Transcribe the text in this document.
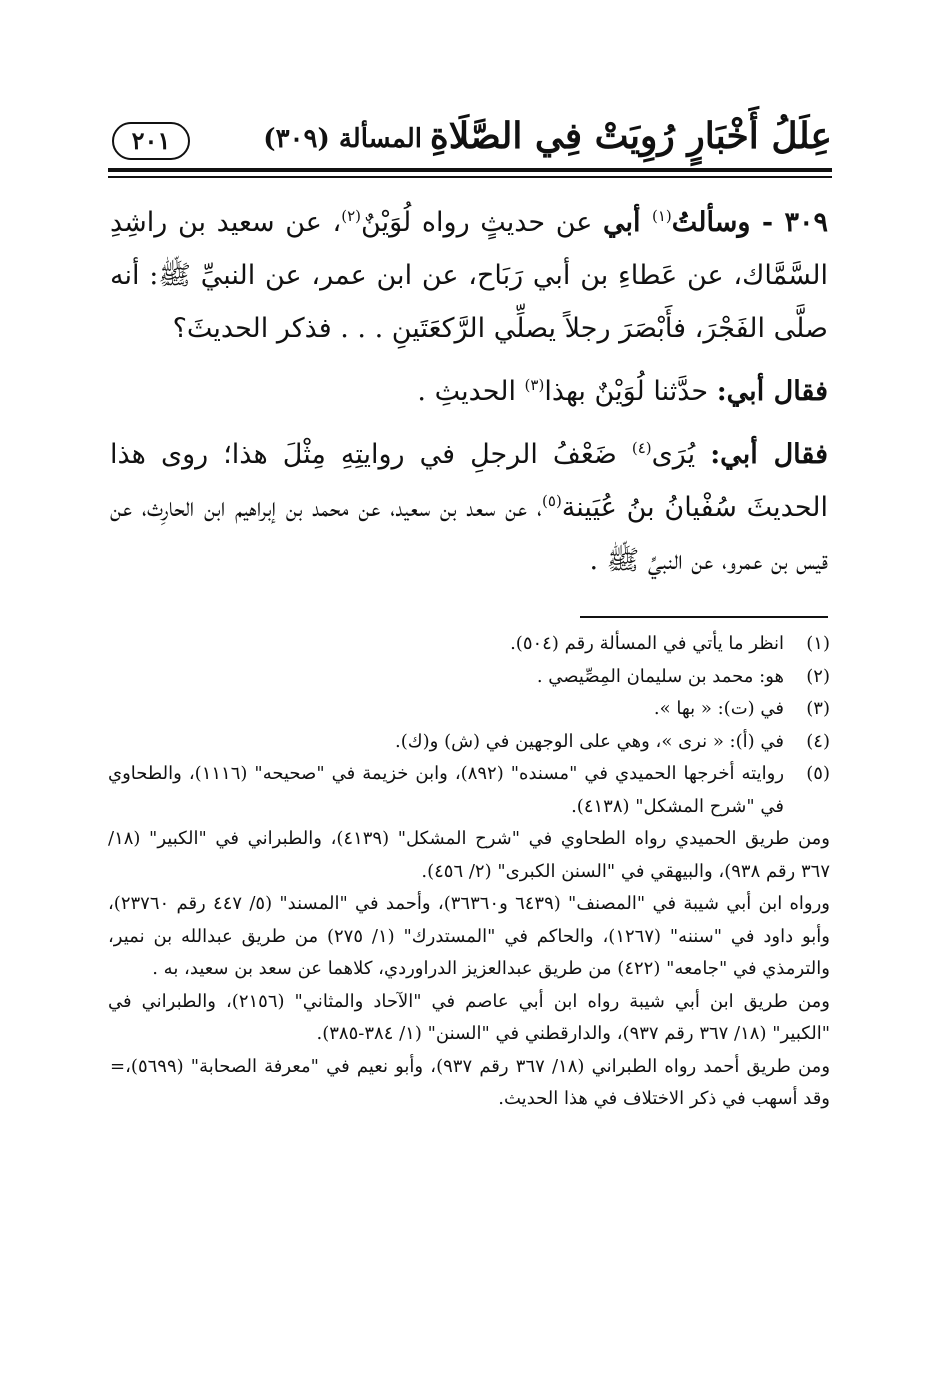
عِلَلُ أَخْبَارٍ رُوِيَتْ فِي الصَّلَاةِ
المسألة (٣٠٩)
٢٠١

٣٠٩ - وسألتُ$^{(١)}$ أبي عن حديثٍ رواه لُوَيْنٌ$^{(٢)}$، عن سعيد بن راشِدِ السَّمَّاك، عن عَطاءِ بن أبي رَبَاح، عن ابن عمر، عن النبيِّ ﷺ: أنه صلَّى الفَجْرَ، فأَبْصَرَ رجلاً يصلِّي الرَّكعَتَينِ . . . فذكر الحديثَ؟

فقال أبي: حدَّثنا لُوَيْنٌ بهذا$^{(٣)}$ الحديثِ .

فقال أبي: يُرَى$^{(٤)}$ ضَعْفُ الرجلِ في روايتِهِ مِثْلَ هذا؛ روى هذا الحديثَ سُفْيانُ بنُ عُيَينة$^{(٥)}$، عن سعد بن سعيد، عن محمد بن إبراهيم ابن الحارِث، عن قيس بن عمرو، عن النبيِّ ﷺ .

(١)
انظر ما يأتي في المسألة رقم (٥٠٤).
(٢)
هو: محمد بن سليمان المِصِّيصي .
(٣)
في (ت): « بها ».
(٤)
في (أ): « نرى »، وهي على الوجهين في (ش) و(ك).
(٥)
روايته أخرجها الحميدي في "مسنده" (٨٩٢)، وابن خزيمة في "صحيحه" (١١١٦)، والطحاوي في "شرح المشكل" (٤١٣٨).
ومن طريق الحميدي رواه الطحاوي في "شرح المشكل" (٤١٣٩)، والطبراني في "الكبير" (١٨/ ٣٦٧ رقم ٩٣٨)، والبيهقي في "السنن الكبرى" (٢/ ٤٥٦).
ورواه ابن أبي شيبة في "المصنف" (٦٤٣٩ و٣٦٣٦٠)، وأحمد في "المسند" (٥/ ٤٤٧ رقم ٢٣٧٦٠)، وأبو داود في "سننه" (١٢٦٧)، والحاكم في "المستدرك" (١/ ٢٧٥) من طريق عبدالله بن نمير، والترمذي في "جامعه" (٤٢٢) من طريق عبدالعزيز الدراوردي، كلاهما عن سعد بن سعيد، به .
ومن طريق ابن أبي شيبة رواه ابن أبي عاصم في "الآحاد والمثاني" (٢١٥٦)، والطبراني في "الكبير" (١٨/ ٣٦٧ رقم ٩٣٧)، والدارقطني في "السنن" (١/ ٣٨٤-٣٨٥).
ومن طريق أحمد رواه الطبراني (١٨/ ٣٦٧ رقم ٩٣٧)، وأبو نعيم في "معرفة الصحابة" (٥٦٩٩)، وقد أسهب في ذكر الاختلاف في هذا الحديث.
=
